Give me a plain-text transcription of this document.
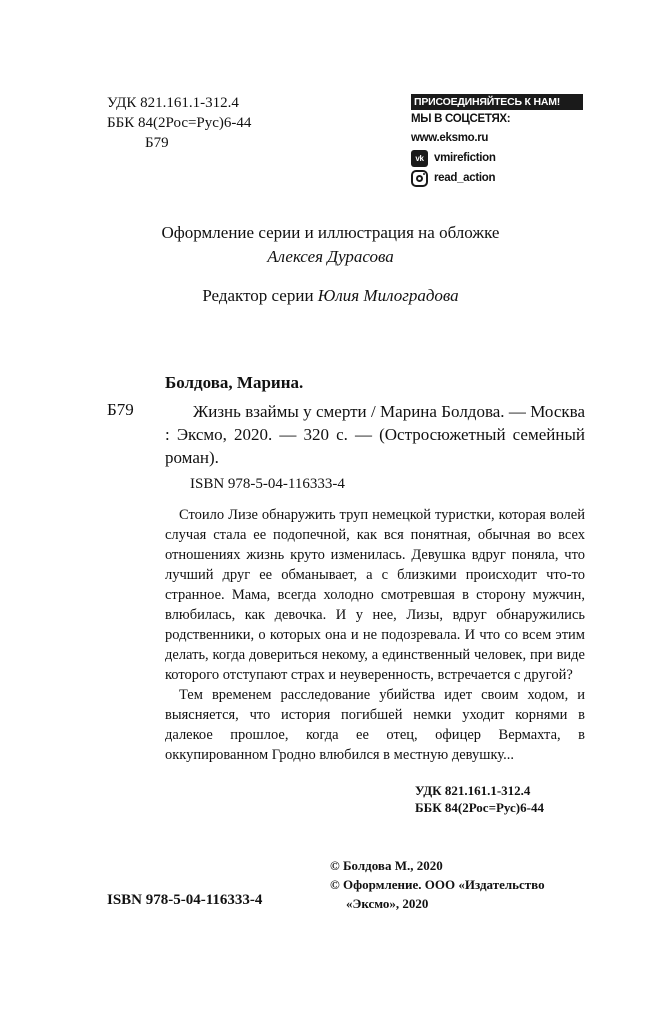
УДК 821.161.1-312.4
ББК 84(2Рос=Рус)6-44
Б79
ПРИСОЕДИНЯЙТЕСЬ К НАМ!
МЫ В СОЦСЕТЯХ:
www.eksmo.ru
vk vmirefiction
read_action
Оформление серии и иллюстрация на обложке
Алексея Дурасова
Редактор серии Юлия Милоградова
Болдова, Марина.
Б79	Жизнь взаймы у смерти / Марина Болдова. — Москва : Эксмо, 2020. — 320 с. — (Остросюжетный семейный роман).

ISBN 978-5-04-116333-4

Стоило Лизе обнаружить труп немецкой туристки, которая волей случая стала ее подопечной, как вся понятная, обычная во всех отношениях жизнь круто изменилась. Девушка вдруг поняла, что лучший друг ее обманывает, а с близкими происходит что-то странное. Мама, всегда холодно смотревшая в сторону мужчин, влюбилась, как девочка. И у нее, Лизы, вдруг обнаружились родственники, о которых она и не подозревала. И что со всем этим делать, когда довериться некому, а единственный человек, при виде которого отступают страх и неуверенность, встречается с другой?

Тем временем расследование убийства идет своим ходом, и выясняется, что история погибшей немки уходит корнями в далекое прошлое, когда ее отец, офицер Вермахта, в оккупированном Гродно влюбился в местную девушку...

УДК 821.161.1-312.4
ББК 84(2Рос=Рус)6-44
© Болдова М., 2020
© Оформление. ООО «Издательство
«Эксмо», 2020
ISBN 978-5-04-116333-4
